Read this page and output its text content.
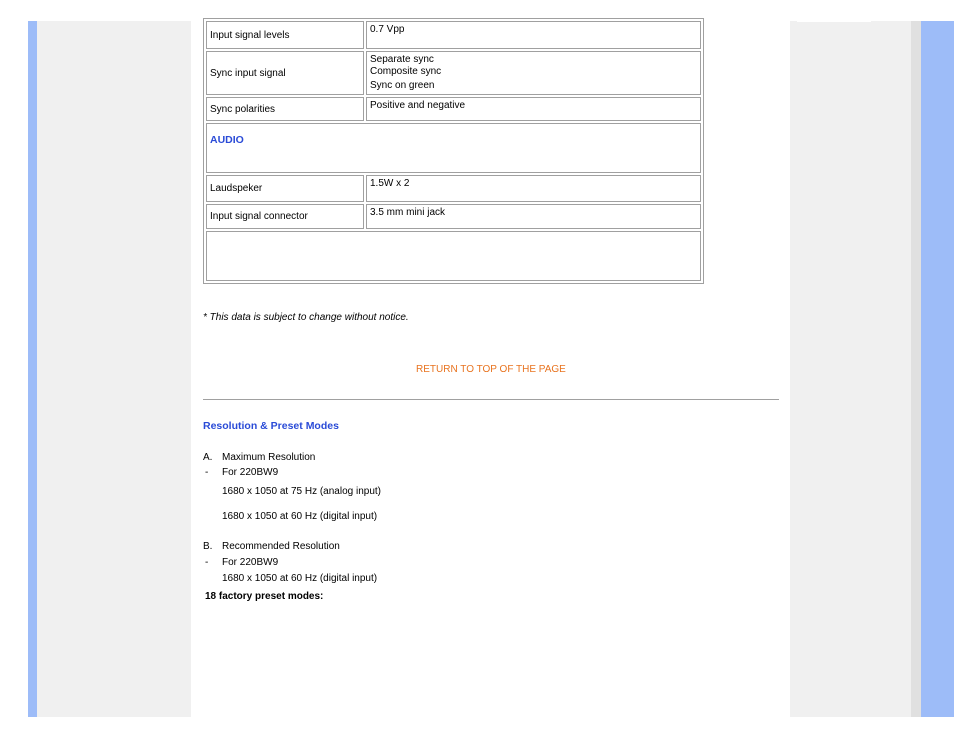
Input signal levels	0.7 Vpp

Sync input signal	Separate sync
Composite sync
Sync on green

Sync polarities	Positive and negative

AUDIO	
Laudspeker	1.5W x 2

Input signal connector	3.5 mm mini jack

* This data is subject to change without notice.
RETURN TO TOP OF THE PAGE
Resolution & Preset Modes
A. Maximum Resolution
- For 220BW9
1680 x 1050 at 75 Hz (analog input)
1680 x 1050 at 60 Hz (digital input)
B. Recommended Resolution
- For 220BW9
1680 x 1050 at 60 Hz (digital input)
18 factory preset modes:
